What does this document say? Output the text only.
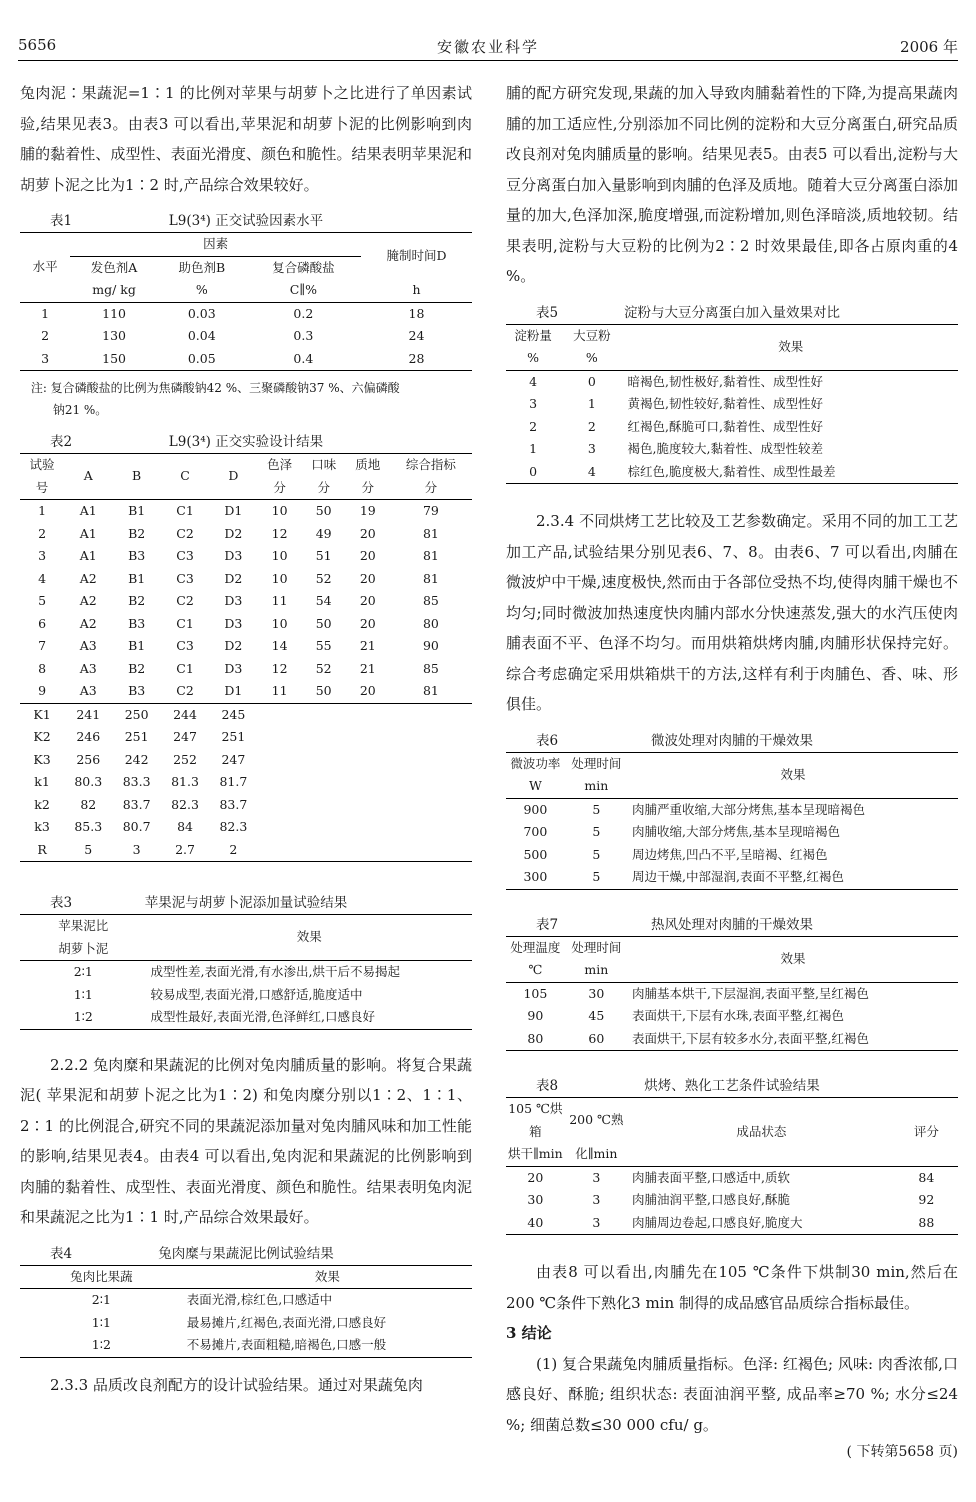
5656	安徽农业科学	2006 年

兔肉泥∶果蔬泥=1∶1 的比例对苹果与胡萝卜之比进行了单因素试验,结果见表3。由表3 可以看出,苹果泥和胡萝卜泥的比例影响到肉脯的黏着性、成型性、表面光滑度、颜色和脆性。结果表明苹果泥和胡萝卜泥之比为1∶2 时,产品综合效果较好。

表1	L9(3⁴) 正交试验因素水平
水平	因素			腌制时间D
	发色剂A	助色剂B	复合磷酸盐	
	mg/ kg	%	C∥%	h
1	110	0.03	0.2	18
2	130	0.04	0.3	24
3	150	0.05	0.4	28
注: 复合磷酸盐的比例为焦磷酸钠42 %、三聚磷酸钠37 %、六偏磷酸
钠21 %。
表2	L9(3⁴) 正交实验设计结果
试验	A	B	C	D	色泽	口味	质地	综合指标
号					分	分	分	分
1	A1	B1	C1	D1	10	50	19	79
2	A1	B2	C2	D2	12	49	20	81
3	A1	B3	C3	D3	10	51	20	81
4	A2	B1	C3	D2	10	52	20	81
5	A2	B2	C2	D3	11	54	20	85
6	A2	B3	C1	D3	10	50	20	80
7	A3	B1	C3	D2	14	55	21	90
8	A3	B2	C1	D3	12	52	21	85
9	A3	B3	C2	D1	11	50	20	81
K1	241	250	244	245				
K2	246	251	247	251				
K3	256	242	252	247				
k1	80.3	83.3	81.3	81.7				
k2	82	83.7	82.3	83.7				
k3	85.3	80.7	84	82.3				
R	5	3	2.7	2				
表3	苹果泥与胡萝卜泥添加量试验结果
苹果泥比	效果
胡萝卜泥	
2∶1	成型性差,表面光滑,有水渗出,烘干后不易揭起
1∶1	较易成型,表面光滑,口感舒适,脆度适中
1∶2	成型性最好,表面光滑,色泽鲜红,口感良好

2.2.2 兔肉糜和果蔬泥的比例对兔肉脯质量的影响。将复合果蔬泥( 苹果泥和胡萝卜泥之比为1∶2) 和兔肉糜分别以1∶2、1∶1、2∶1 的比例混合,研究不同的果蔬泥添加量对兔肉脯风味和加工性能的影响,结果见表4。由表4 可以看出,兔肉泥和果蔬泥的比例影响到肉脯的黏着性、成型性、表面光滑度、颜色和脆性。结果表明兔肉泥和果蔬泥之比为1∶1 时,产品综合效果最好。

表4	兔肉糜与果蔬泥比例试验结果
兔肉比果蔬	效果
2∶1	表面光滑,棕红色,口感适中
1∶1	最易摊片,红褐色,表面光滑,口感良好
1∶2	不易摊片,表面粗糙,暗褐色,口感一般

2.3.3 品质改良剂配方的设计试验结果。通过对果蔬兔肉

脯的配方研究发现,果蔬的加入导致肉脯黏着性的下降,为提高果蔬肉脯的加工适应性,分别添加不同比例的淀粉和大豆分离蛋白,研究品质改良剂对兔肉脯质量的影响。结果见表5。由表5 可以看出,淀粉与大豆分离蛋白加入量影响到肉脯的色泽及质地。随着大豆分离蛋白添加量的加大,色泽加深,脆度增强,而淀粉增加,则色泽暗淡,质地较韧。结果表明,淀粉与大豆粉的比例为2∶2 时效果最佳,即各占原肉重的4 %。

表5	淀粉与大豆分离蛋白加入量效果对比
淀粉量	大豆粉	效果
%	%	
4	0	暗褐色,韧性极好,黏着性、成型性好
3	1	黄褐色,韧性较好,黏着性、成型性好
2	2	红褐色,酥脆可口,黏着性、成型性好
1	3	褐色,脆度较大,黏着性、成型性较差
0	4	棕红色,脆度极大,黏着性、成型性最差

2.3.4 不同烘烤工艺比较及工艺参数确定。采用不同的加工工艺加工产品,试验结果分别见表6、7、8。由表6、7 可以看出,肉脯在微波炉中干燥,速度极快,然而由于各部位受热不均,使得肉脯干燥也不均匀;同时微波加热速度快肉脯内部水分快速蒸发,强大的水汽压使肉脯表面不平、色泽不均匀。而用烘箱烘烤肉脯,肉脯形状保持完好。综合考虑确定采用烘箱烘干的方法,这样有利于肉脯色、香、味、形俱佳。

表6	微波处理对肉脯的干燥效果
微波功率	处理时间	效果
W	min	
900	5	肉脯严重收缩,大部分烤焦,基本呈现暗褐色
700	5	肉脯收缩,大部分烤焦,基本呈现暗褐色
500	5	周边烤焦,凹凸不平,呈暗褐、红褐色
300	5	周边干燥,中部湿润,表面不平整,红褐色
表7	热风处理对肉脯的干燥效果
处理温度	处理时间	效果
℃	min	
105	30	肉脯基本烘干,下层湿润,表面平整,呈红褐色
90	45	表面烘干,下层有水珠,表面平整,红褐色
80	60	表面烘干,下层有较多水分,表面平整,红褐色
表8	烘烤、熟化工艺条件试验结果
105 ℃烘箱	200 ℃熟	成品状态	评分
烘干∥min	化∥min		
20	3	肉脯表面平整,口感适中,质软	84
30	3	肉脯油润平整,口感良好,酥脆	92
40	3	肉脯周边卷起,口感良好,脆度大	88

由表8 可以看出,肉脯先在105 ℃条件下烘制30 min,然后在200 ℃条件下熟化3 min 制得的成品感官品质综合指标最佳。

3 结论

(1) 复合果蔬兔肉脯质量指标。色泽: 红褐色; 风味: 肉香浓郁,口感良好、酥脆; 组织状态: 表面油润平整, 成品率≥70 %; 水分≤24 %; 细菌总数≤30 000 cfu/ g。

( 下转第5658 页)
